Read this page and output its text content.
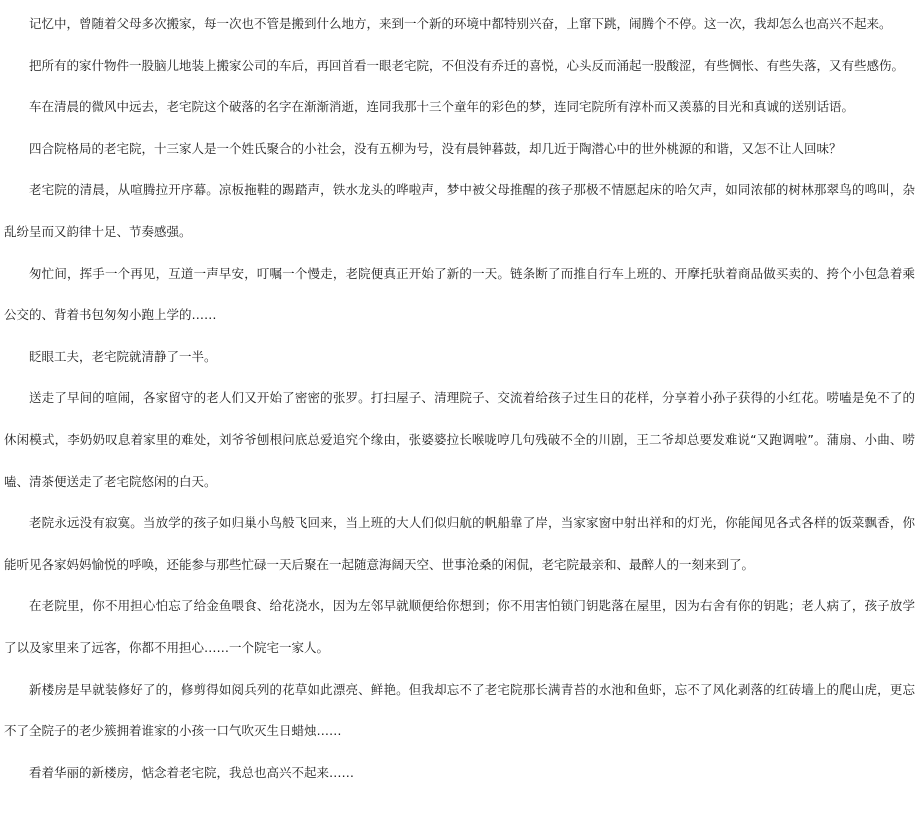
记忆中，曾随着父母多次搬家，每一次也不管是搬到什么地方，来到一个新的环境中都特别兴奋，上窜下跳，闹腾个不停。这一次，我却怎么也高兴不起来。

把所有的家什物件一股脑儿地装上搬家公司的车后，再回首看一眼老宅院，不但没有乔迁的喜悦，心头反而涌起一股酸涩，有些惆怅、有些失落，又有些感伤。

车在清晨的微风中远去，老宅院这个破落的名字在渐渐消逝，连同我那十三个童年的彩色的梦，连同宅院所有淳朴而又羡慕的目光和真诚的送别话语。

四合院格局的老宅院，十三家人是一个姓氏聚合的小社会，没有五柳为号，没有晨钟暮鼓，却几近于陶潜心中的世外桃源的和谐，又怎不让人回味？

老宅院的清晨，从喧腾拉开序幕。凉板拖鞋的踢踏声，铁水龙头的哗啦声，梦中被父母推醒的孩子那极不情愿起床的哈欠声，如同浓郁的树林那翠鸟的鸣叫，杂乱纷呈而又韵律十足、节奏感强。

匆忙间，挥手一个再见，互道一声早安，叮嘱一个慢走，老院便真正开始了新的一天。链条断了而推自行车上班的、开摩托驮着商品做买卖的、挎个小包急着乘公交的、背着书包匆匆小跑上学的……

眨眼工夫，老宅院就清静了一半。

送走了早间的喧闹，各家留守的老人们又开始了密密的张罗。打扫屋子、清理院子、交流着给孩子过生日的花样，分享着小孙子获得的小红花。唠嗑是免不了的休闲模式，李奶奶叹息着家里的难处，刘爷爷刨根问底总爱追究个缘由，张婆婆拉长喉咙哼几句残破不全的川剧，王二爷却总要发难说“又跑调啦”。蒲扇、小曲、唠嗑、清茶便送走了老宅院悠闲的白天。

老院永远没有寂寞。当放学的孩子如归巢小鸟般飞回来，当上班的大人们似归航的帆船靠了岸，当家家窗中射出祥和的灯光，你能闻见各式各样的饭菜飘香，你能听见各家妈妈愉悦的呼唤，还能参与那些忙碌一天后聚在一起随意海阔天空、世事沧桑的闲侃，老宅院最亲和、最醉人的一刻来到了。

在老院里，你不用担心怕忘了给金鱼喂食、给花浇水，因为左邻早就顺便给你想到；你不用害怕锁门钥匙落在屋里，因为右舍有你的钥匙；老人病了，孩子放学了以及家里来了远客，你都不用担心……一个院宅一家人。

新楼房是早就装修好了的，修剪得如阅兵列的花草如此漂亮、鲜艳。但我却忘不了老宅院那长满青苔的水池和鱼虾，忘不了风化剥落的红砖墙上的爬山虎，更忘不了全院子的老少簇拥着谁家的小孩一口气吹灭生日蜡烛……

看着华丽的新楼房，惦念着老宅院，我总也高兴不起来……
